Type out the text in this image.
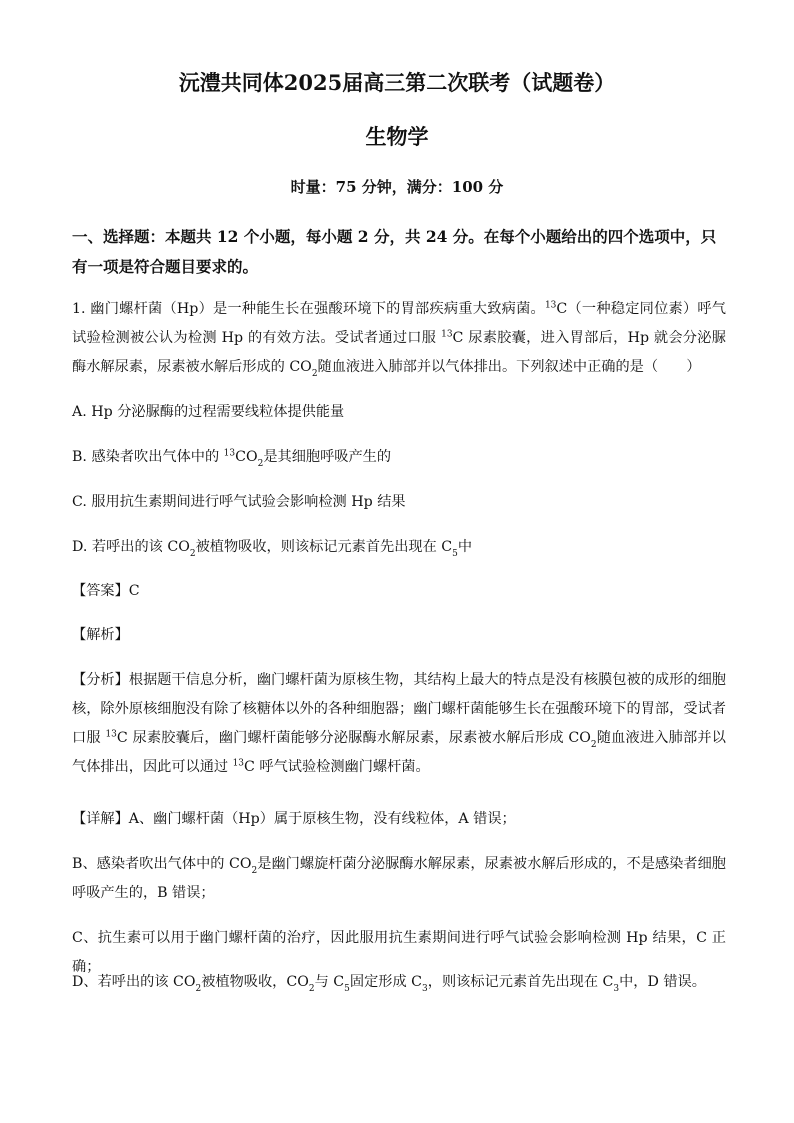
沅澧共同体2025届高三第二次联考（试题卷）
生物学
时量：75 分钟，满分：100 分
一、选择题：本题共 12 个小题，每小题 2 分，共 24 分。在每个小题给出的四个选项中，只有一项是符合题目要求的。
1. 幽门螺杆菌（Hp）是一种能生长在强酸环境下的胃部疾病重大致病菌。$^{13}$C（一种稳定同位素）呼气试验检测被公认为检测 Hp 的有效方法。受试者通过口服 $^{13}$C 尿素胶囊，进入胃部后，Hp 就会分泌脲酶水解尿素，尿素被水解后形成的 $CO_2$随血液进入肺部并以气体排出。下列叙述中正确的是（　　）
A. Hp 分泌脲酶的过程需要线粒体提供能量
B. 感染者吹出气体中的 $^{13}CO_2$是其细胞呼吸产生的
C. 服用抗生素期间进行呼气试验会影响检测 Hp 结果
D. 若呼出的该 $CO_2$被植物吸收，则该标记元素首先出现在 $C_5$中
【答案】C
【解析】
【分析】根据题干信息分析，幽门螺杆菌为原核生物，其结构上最大的特点是没有核膜包被的成形的细胞核，除外原核细胞没有除了核糖体以外的各种细胞器；幽门螺杆菌能够生长在强酸环境下的胃部，受试者口服 $^{13}$C 尿素胶囊后，幽门螺杆菌能够分泌脲酶水解尿素，尿素被水解后形成 $CO_2$随血液进入肺部并以气体排出，因此可以通过 $^{13}$C 呼气试验检测幽门螺杆菌。
【详解】A、幽门螺杆菌（Hp）属于原核生物，没有线粒体，A 错误；
B、感染者吹出气体中的 $CO_2$是幽门螺旋杆菌分泌脲酶水解尿素，尿素被水解后形成的，不是感染者细胞呼吸产生的，B 错误；
C、抗生素可以用于幽门螺杆菌的治疗，因此服用抗生素期间进行呼气试验会影响检测 Hp 结果，C 正确；
D、若呼出的该 $CO_2$被植物吸收，$CO_2$与 $C_5$固定形成 $C_3$，则该标记元素首先出现在 $C_3$中，D 错误。
